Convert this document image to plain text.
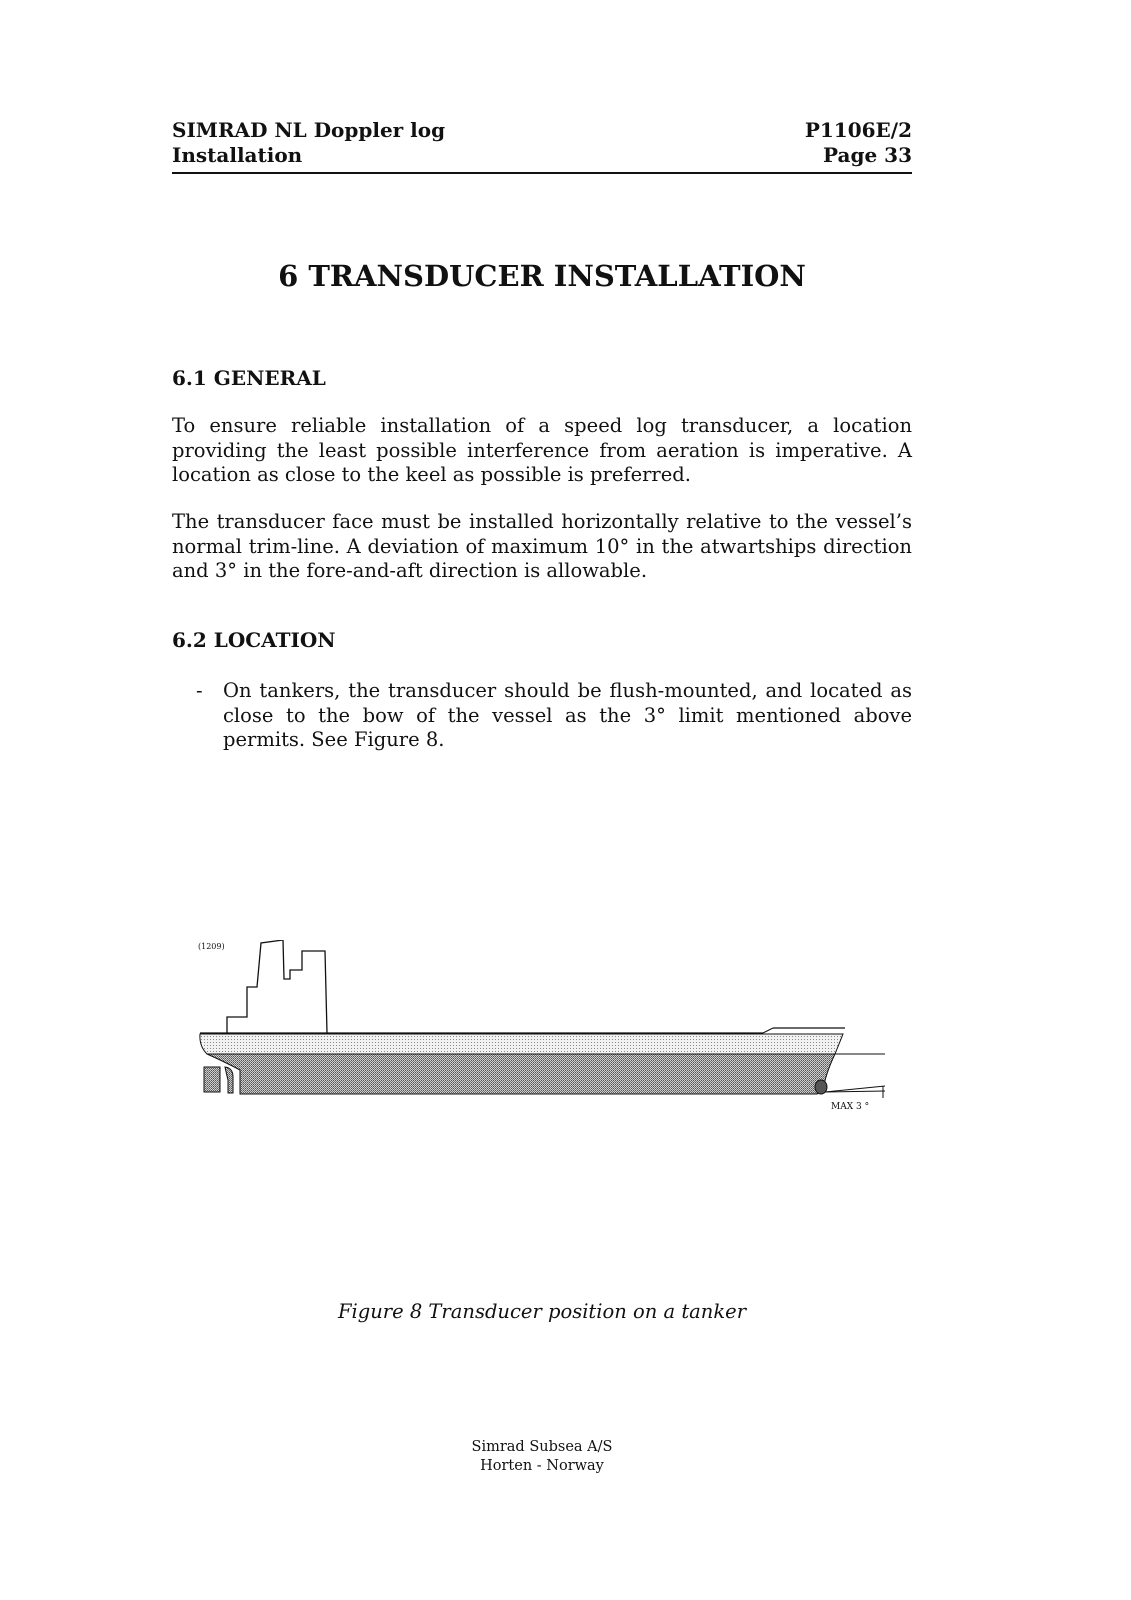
SIMRAD NL Doppler log
Installation
P1106E/2
Page 33
6 TRANSDUCER INSTALLATION
6.1 GENERAL
To ensure reliable installation of a speed log transducer, a location providing the least possible interference from aeration is imperative. A location as close to the keel as possible is preferred.
The transducer face must be installed horizontally relative to the vessel’s normal trim-line. A deviation of maximum 10° in the atwartships direction and 3° in the fore-and-aft direction is allowable.
6.2 LOCATION
- On tankers, the transducer should be flush-mounted, and located as close to the bow of the vessel as the 3° limit mentioned above permits. See Figure 8.
(1209)
MAX 3 °
Figure 8 Transducer position on a tanker
Simrad Subsea A/S
Horten - Norway
